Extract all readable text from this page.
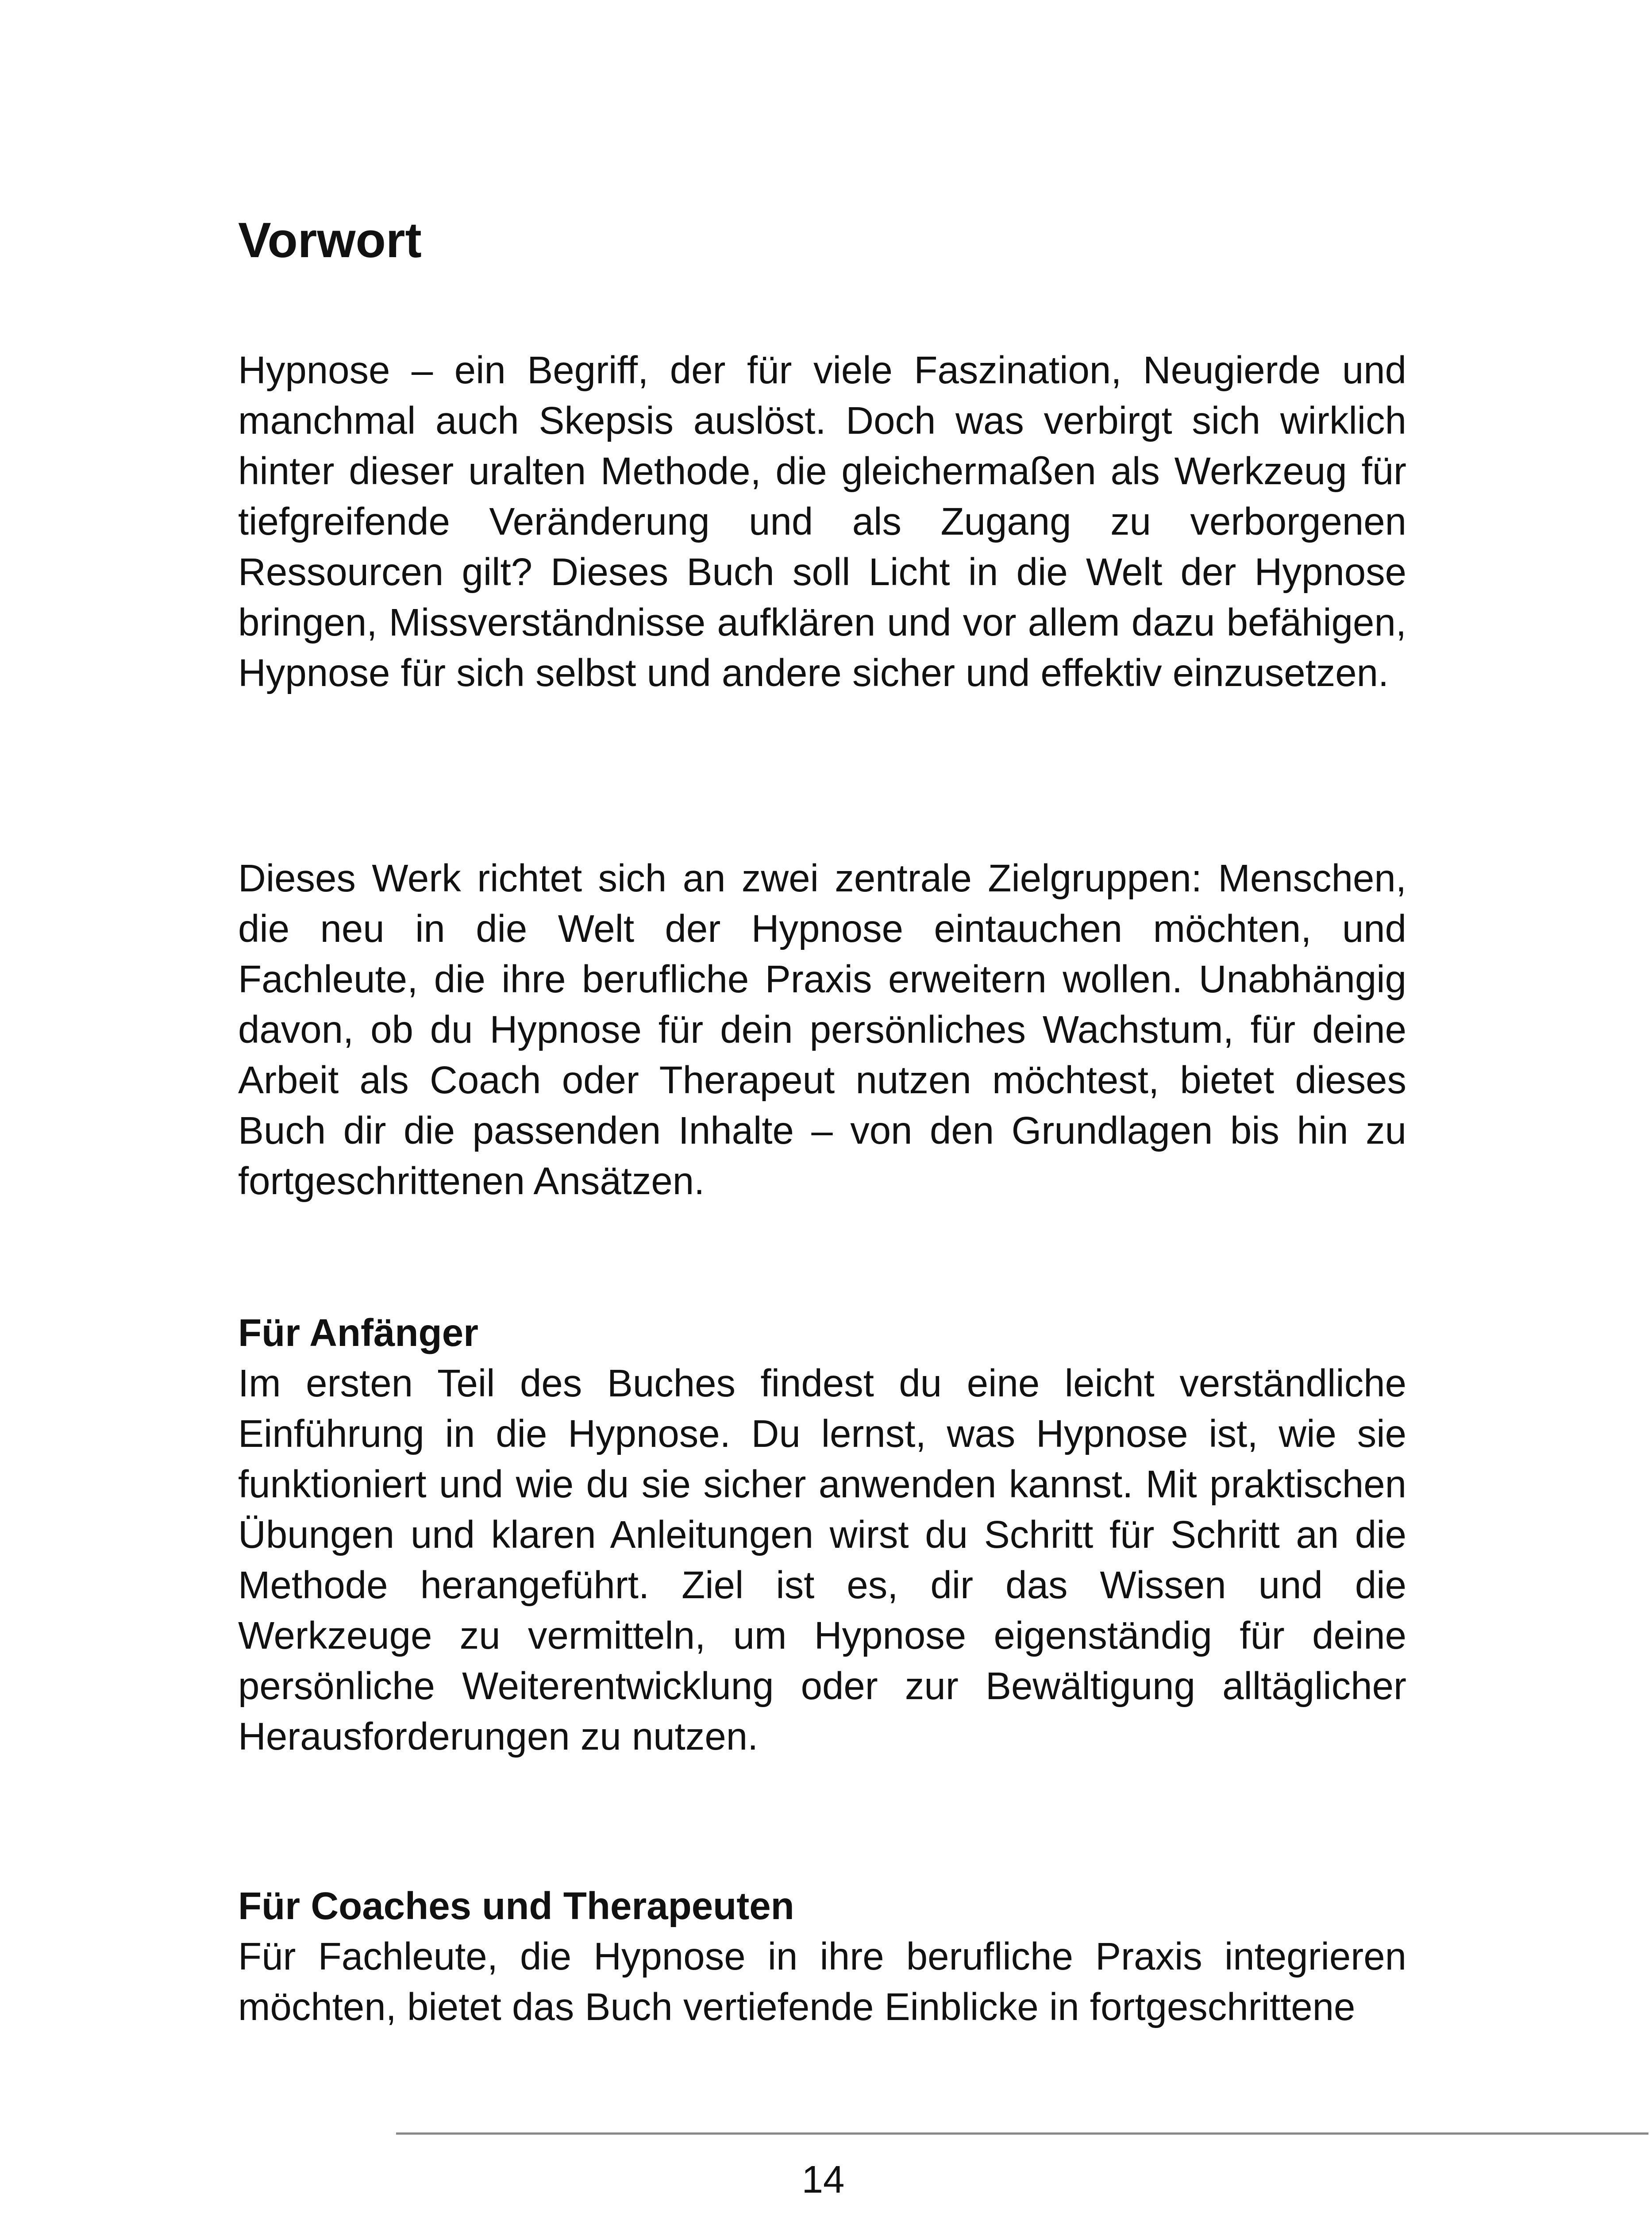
Vorwort

Hypnose – ein Begriff, der für viele Faszination, Neugierde und manchmal auch Skepsis auslöst. Doch was verbirgt sich wirklich hinter dieser uralten Methode, die gleichermaßen als Werkzeug für tiefgreifende Veränderung und als Zugang zu verborgenen Ressourcen gilt? Dieses Buch soll Licht in die Welt der Hypnose bringen, Missverständnisse aufklären und vor allem dazu befähigen, Hypnose für sich selbst und andere sicher und effektiv einzusetzen.

Dieses Werk richtet sich an zwei zentrale Zielgruppen: Menschen, die neu in die Welt der Hypnose eintauchen möchten, und Fachleute, die ihre berufliche Praxis erweitern wollen. Unabhängig davon, ob du Hypnose für dein persönliches Wachstum, für deine Arbeit als Coach oder Therapeut nutzen möchtest, bietet dieses Buch dir die passenden Inhalte – von den Grundlagen bis hin zu fortgeschrittenen Ansätzen.

Für Anfänger

Im ersten Teil des Buches findest du eine leicht verständliche Einführung in die Hypnose. Du lernst, was Hypnose ist, wie sie funktioniert und wie du sie sicher anwenden kannst. Mit praktischen Übungen und klaren Anleitungen wirst du Schritt für Schritt an die Methode herangeführt. Ziel ist es, dir das Wissen und die Werkzeuge zu vermitteln, um Hypnose eigenständig für deine persönliche Weiterentwicklung oder zur Bewältigung alltäglicher Herausforderungen zu nutzen.

Für Coaches und Therapeuten

Für Fachleute, die Hypnose in ihre berufliche Praxis integrieren möchten, bietet das Buch vertiefende Einblicke in fortgeschrittene

14
